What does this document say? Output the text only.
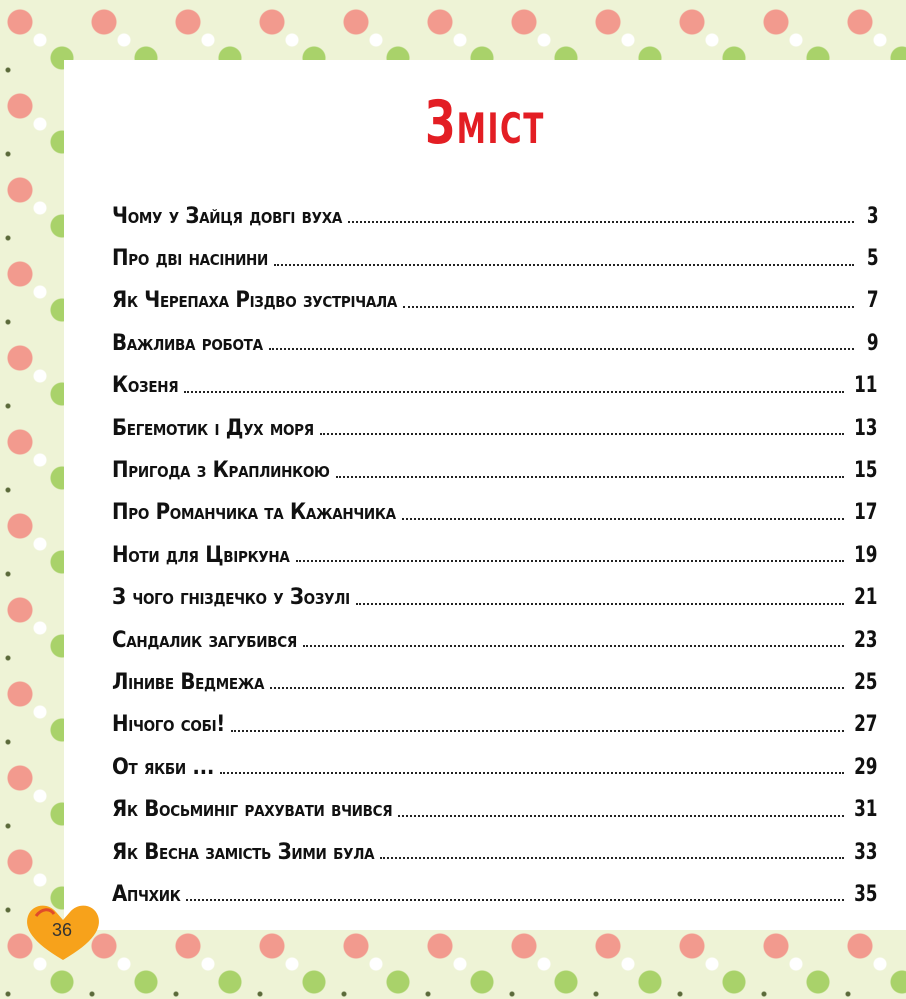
Зміст
Чому у Зайця довгі вуха	3
Про дві насінини	5
Як Черепаха Різдво зустрічала	7
Важлива робота	9
Козеня	11
Бегемотик і Дух моря	13
Пригода з Краплинкою	15
Про Романчика та Кажанчика	17
Ноти для Цвіркуна	19
З чого гніздечко у Зозулі	21
Сандалик загубився	23
Ліниве Ведмежа	25
Нічого собі!	27
От якби ...	29
Як Восьминіг рахувати вчився	31
Як Весна замість Зими була	33
Апчхик	35
36
